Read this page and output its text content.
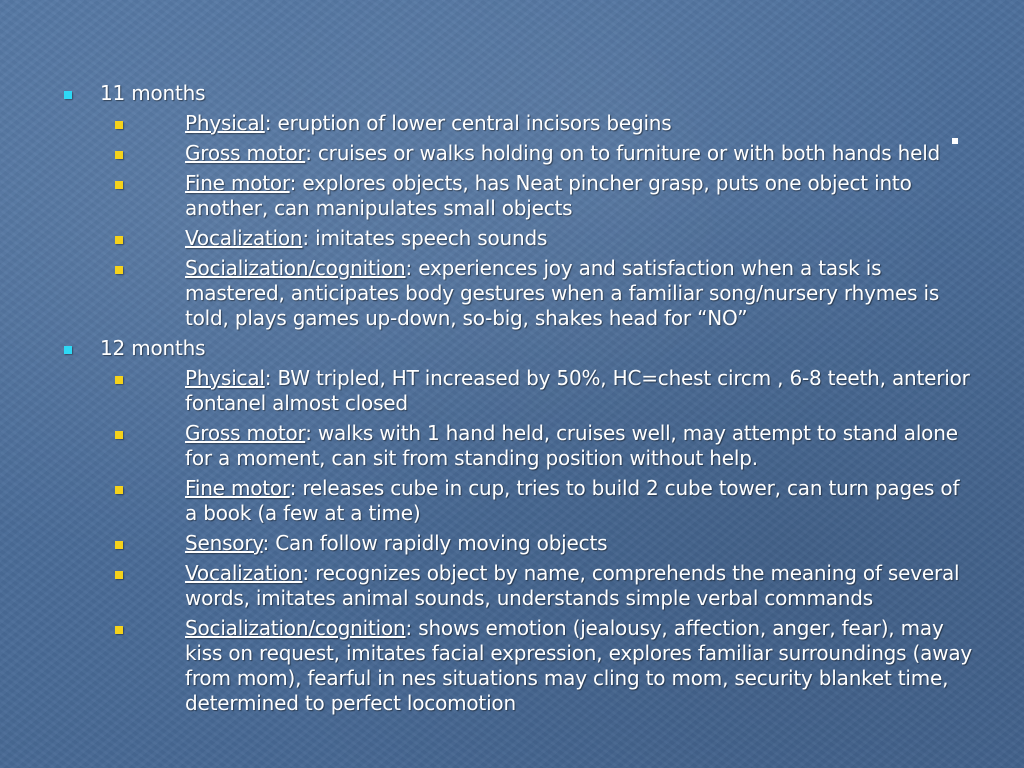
11 months
Physical: eruption of lower central incisors begins
Gross motor: cruises or walks holding on to furniture or with both hands held
Fine motor: explores objects, has Neat pincher grasp, puts one object into another, can manipulates small objects
Vocalization: imitates speech sounds
Socialization/cognition: experiences joy and satisfaction when a task is mastered, anticipates body gestures when a familiar song/nursery rhymes is told, plays games up-down, so-big, shakes head for “NO”
12 months
Physical: BW tripled, HT increased by 50%, HC=chest circm , 6-8 teeth, anterior fontanel almost closed
Gross motor: walks with 1 hand held, cruises well, may attempt to stand alone for a moment, can sit from standing position without help.
Fine motor: releases cube in cup, tries to build 2 cube tower, can turn pages of a book (a few at a time)
Sensory: Can follow rapidly moving objects
Vocalization: recognizes object by name, comprehends the meaning of several words, imitates animal sounds, understands simple verbal commands
Socialization/cognition: shows emotion (jealousy, affection, anger, fear), may kiss on request, imitates facial expression, explores familiar surroundings (away from mom), fearful in nes situations may cling to mom, security blanket time, determined to perfect locomotion
